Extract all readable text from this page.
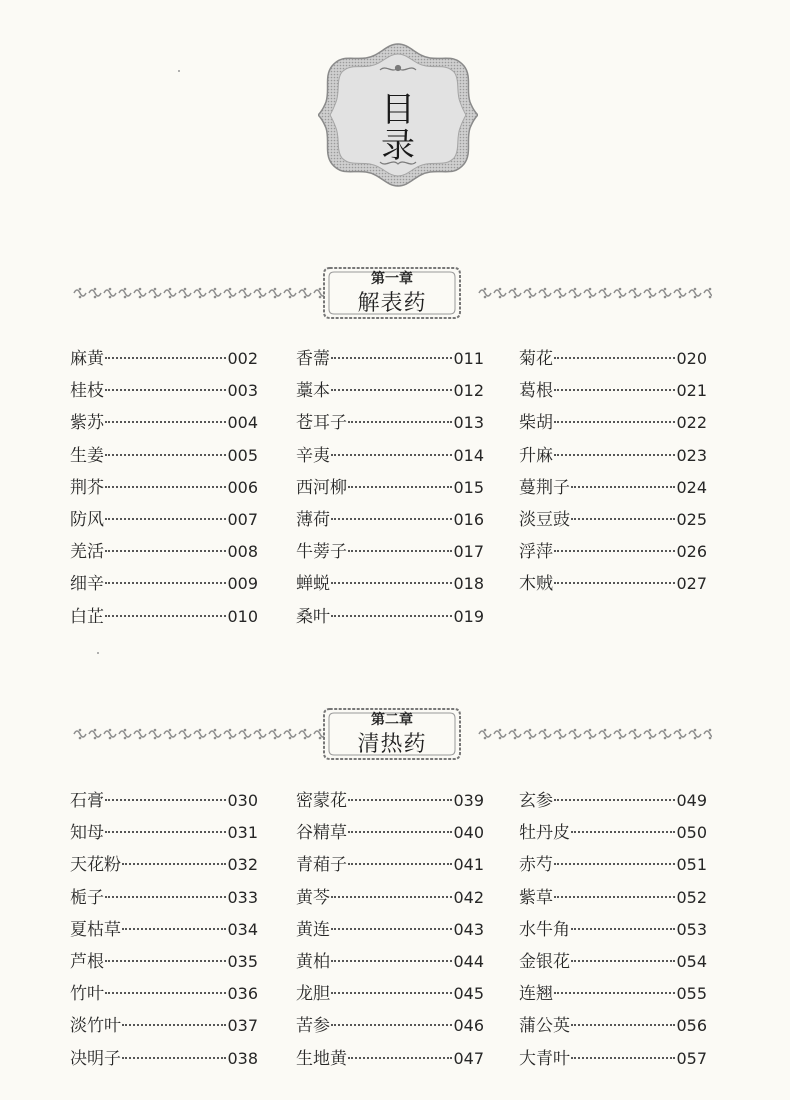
目
录
第一章
解表药
麻黄	002
桂枝	003
紫苏	004
生姜	005
荆芥	006
防风	007
羌活	008
细辛	009
白芷	010
香薷	011
藁本	012
苍耳子	013
辛夷	014
西河柳	015
薄荷	016
牛蒡子	017
蝉蜕	018
桑叶	019
菊花	020
葛根	021
柴胡	022
升麻	023
蔓荆子	024
淡豆豉	025
浮萍	026
木贼	027
第二章
清热药
石膏	030
知母	031
天花粉	032
栀子	033
夏枯草	034
芦根	035
竹叶	036
淡竹叶	037
决明子	038
密蒙花	039
谷精草	040
青葙子	041
黄芩	042
黄连	043
黄柏	044
龙胆	045
苦参	046
生地黄	047
玄参	049
牡丹皮	050
赤芍	051
紫草	052
水牛角	053
金银花	054
连翘	055
蒲公英	056
大青叶	057
